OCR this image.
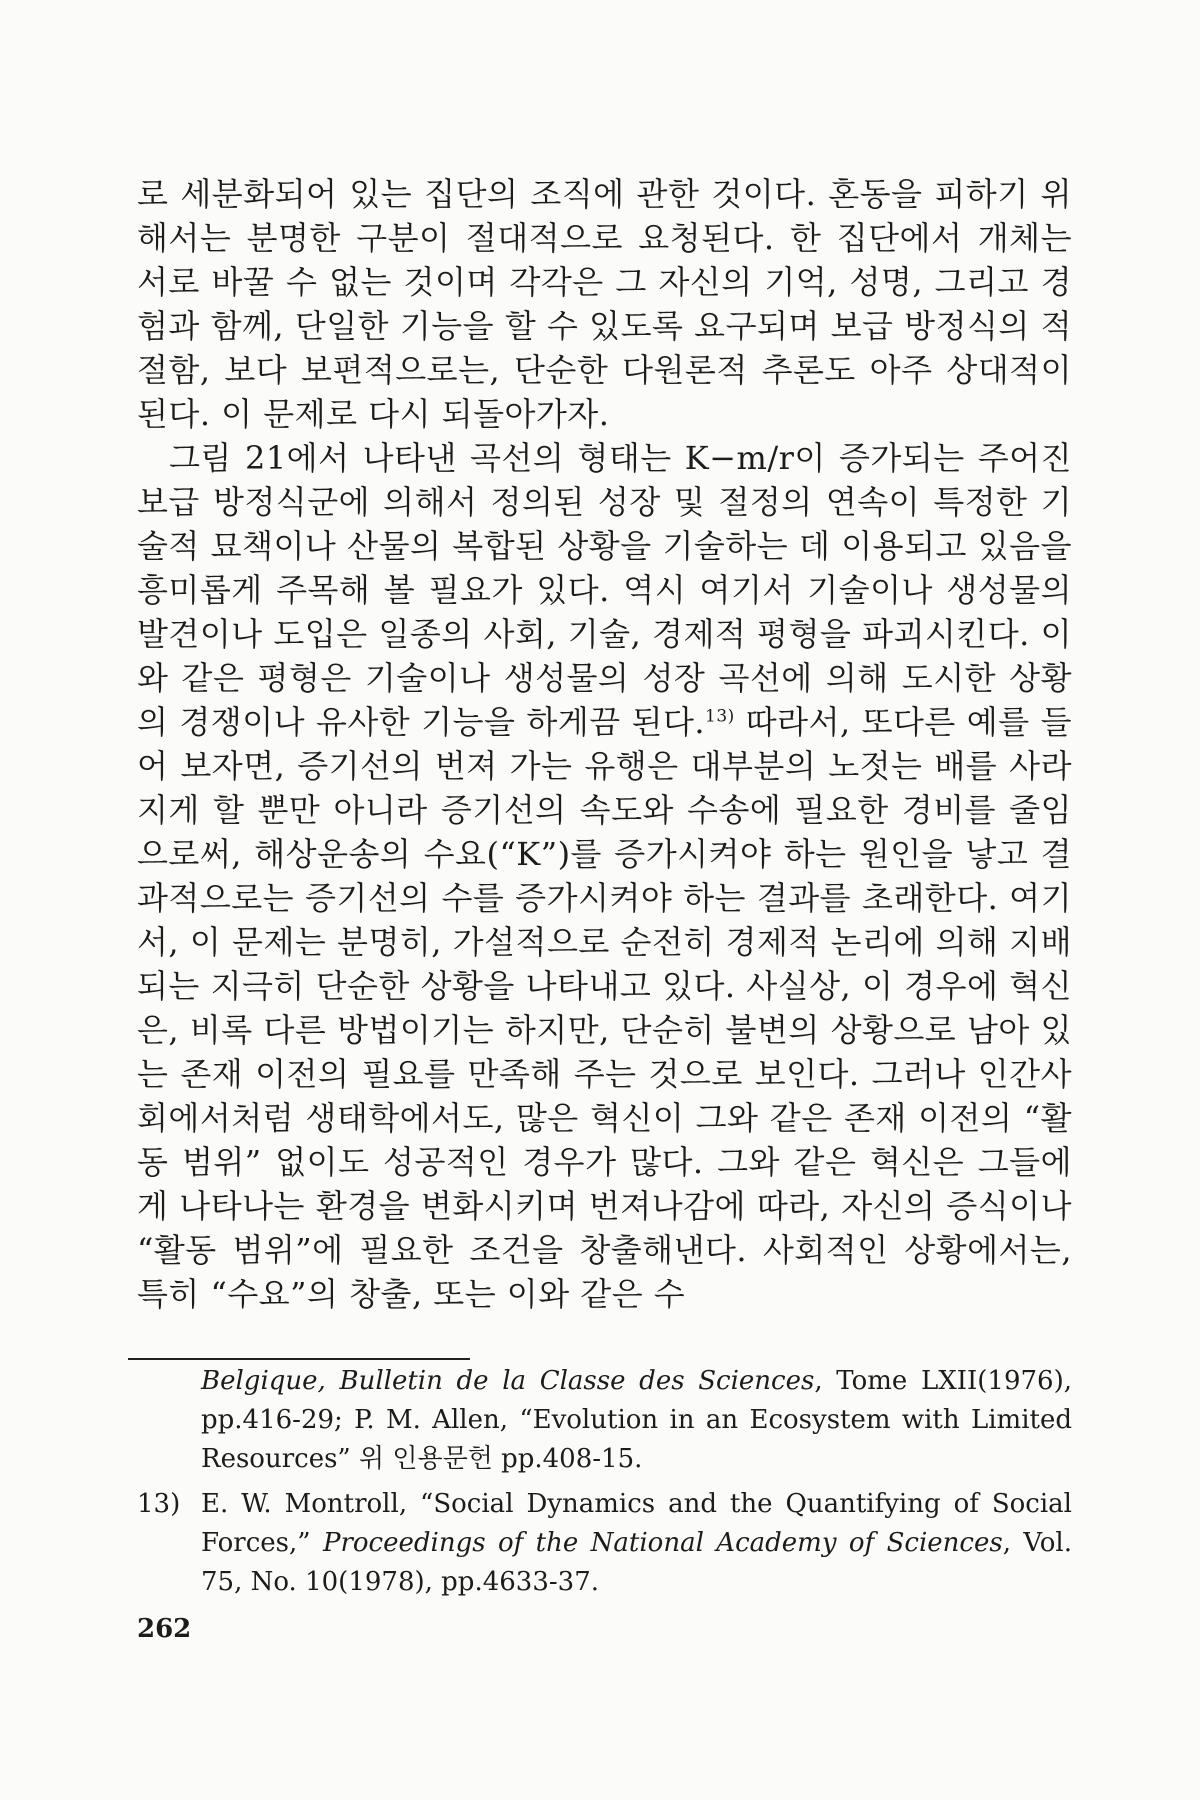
로 세분화되어 있는 집단의 조직에 관한 것이다. 혼동을 피하기 위해서는 분명한 구분이 절대적으로 요청된다. 한 집단에서 개체는 서로 바꿀 수 없는 것이며 각각은 그 자신의 기억, 성명, 그리고 경험과 함께, 단일한 기능을 할 수 있도록 요구되며 보급 방정식의 적절함, 보다 보편적으로는, 단순한 다원론적 추론도 아주 상대적이 된다. 이 문제로 다시 되돌아가자.

그림 21에서 나타낸 곡선의 형태는 K−m/r이 증가되는 주어진 보급 방정식군에 의해서 정의된 성장 및 절정의 연속이 특정한 기술적 묘책이나 산물의 복합된 상황을 기술하는 데 이용되고 있음을 흥미롭게 주목해 볼 필요가 있다. 역시 여기서 기술이나 생성물의 발견이나 도입은 일종의 사회, 기술, 경제적 평형을 파괴시킨다. 이와 같은 평형은 기술이나 생성물의 성장 곡선에 의해 도시한 상황의 경쟁이나 유사한 기능을 하게끔 된다.$^{13)}$ 따라서, 또다른 예를 들어 보자면, 증기선의 번져 가는 유행은 대부분의 노젓는 배를 사라지게 할 뿐만 아니라 증기선의 속도와 수송에 필요한 경비를 줄임으로써, 해상운송의 수요(“K”)를 증가시켜야 하는 원인을 낳고 결과적으로는 증기선의 수를 증가시켜야 하는 결과를 초래한다. 여기서, 이 문제는 분명히, 가설적으로 순전히 경제적 논리에 의해 지배되는 지극히 단순한 상황을 나타내고 있다. 사실상, 이 경우에 혁신은, 비록 다른 방법이기는 하지만, 단순히 불변의 상황으로 남아 있는 존재 이전의 필요를 만족해 주는 것으로 보인다. 그러나 인간사회에서처럼 생태학에서도, 많은 혁신이 그와 같은 존재 이전의 “활동 범위” 없이도 성공적인 경우가 많다. 그와 같은 혁신은 그들에게 나타나는 환경을 변화시키며 번져나감에 따라, 자신의 증식이나 “활동 범위”에 필요한 조건을 창출해낸다. 사회적인 상황에서는, 특히 “수요”의 창출, 또는 이와 같은 수

Belgique, Bulletin de la Classe des Sciences, Tome LXII(1976), pp.416-29; P. M. Allen, “Evolution in an Ecosystem with Limited Resources” 위 인용문헌 pp.408-15.
13) E. W. Montroll, “Social Dynamics and the Quantifying of Social Forces,” Proceedings of the National Academy of Sciences, Vol. 75, No. 10(1978), pp.4633-37.
262
